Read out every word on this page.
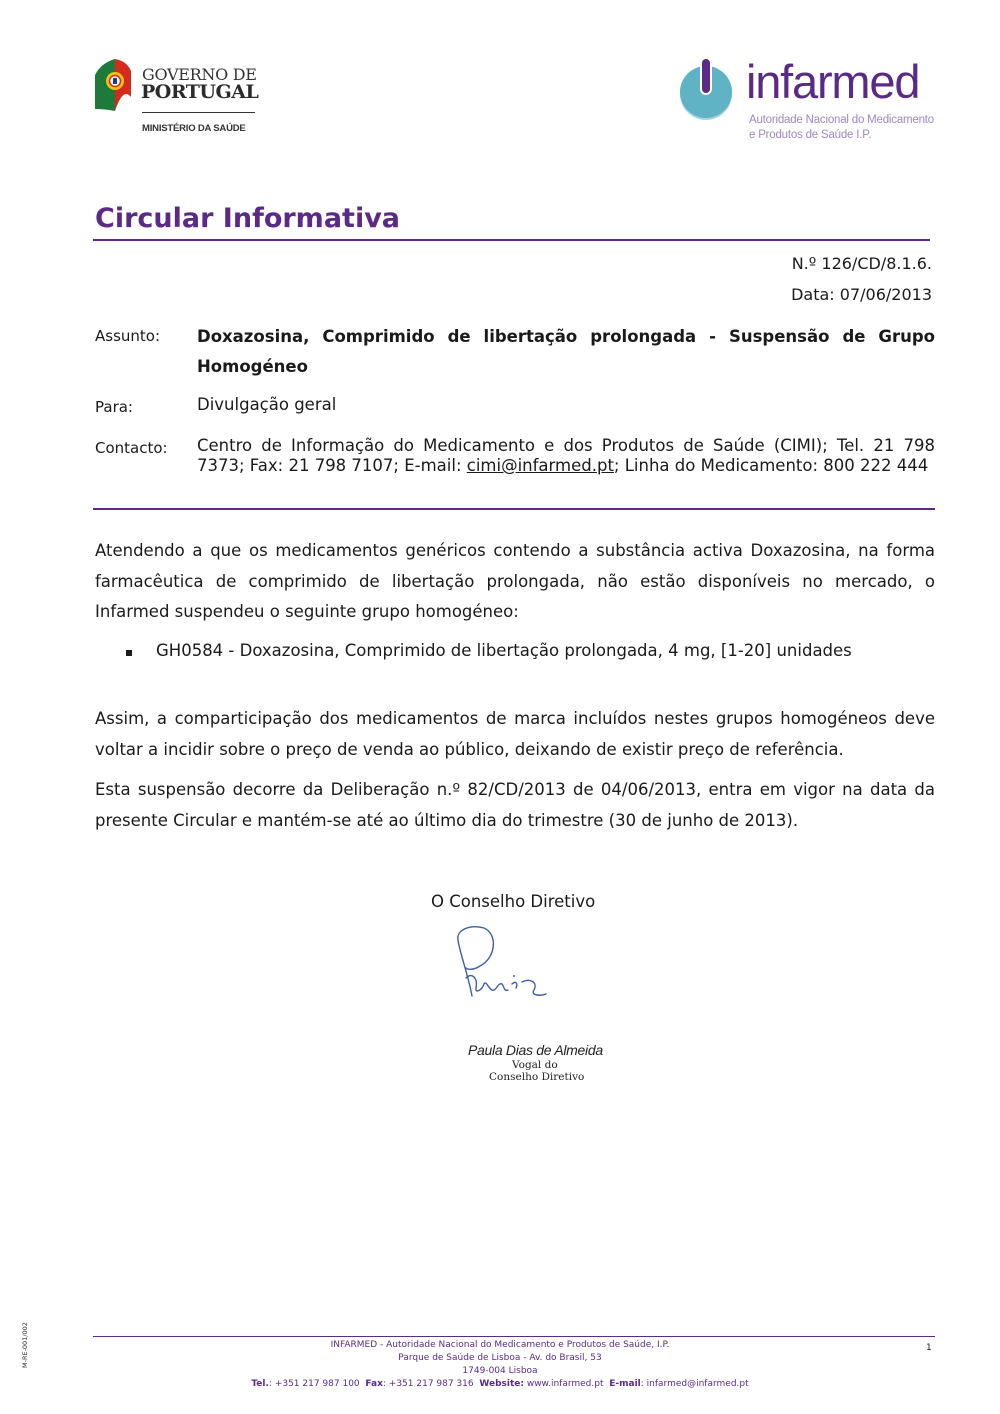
GOVERNO DE
PORTUGAL
MINISTÉRIO DA SAÚDE
infarmed
Autoridade Nacional do Medicamento
e Produtos de Saúde I.P.
Circular Informativa
N.º 126/CD/8.1.6.
Data: 07/06/2013
Assunto: Doxazosina, Comprimido de libertação prolongada - Suspensão de Grupo Homogéneo
Para:	Divulgação geral
Contacto: Centro de Informação do Medicamento e dos Produtos de Saúde (CIMI); Tel. 21 798 7373; Fax: 21 798 7107; E-mail: cimi@infarmed.pt; Linha do Medicamento: 800 222 444
Atendendo a que os medicamentos genéricos contendo a substância activa Doxazosina, na forma farmacêutica de comprimido de libertação prolongada, não estão disponíveis no mercado, o Infarmed suspendeu o seguinte grupo homogéneo:
GH0584 - Doxazosina, Comprimido de libertação prolongada, 4 mg, [1-20] unidades
Assim, a comparticipação dos medicamentos de marca incluídos nestes grupos homogéneos deve voltar a incidir sobre o preço de venda ao público, deixando de existir preço de referência.
Esta suspensão decorre da Deliberação n.º 82/CD/2013 de 04/06/2013, entra em vigor na data da presente Circular e mantém-se até ao último dia do trimestre (30 de junho de 2013).
O Conselho Diretivo
Paula Dias de Almeida
Vogal do
Conselho Diretivo
INFARMED - Autoridade Nacional do Medicamento e Produtos de Saúde, I.P.
Parque de Saúde de Lisboa - Av. do Brasil, 53
1749-004 Lisboa
Tel.: +351 217 987 100 Fax: +351 217 987 316 Website: www.infarmed.pt E-mail: infarmed@infarmed.pt
1
M-RE-001/002
